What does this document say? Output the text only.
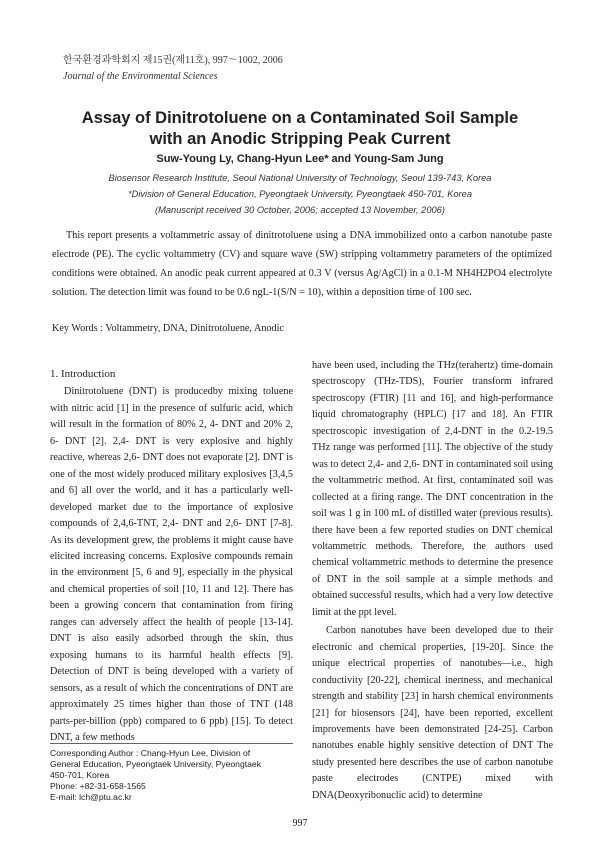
한국환경과학회지 제15권(제11호), 997～1002, 2006
Journal of the Environmental Sciences
Assay of Dinitrotoluene on a Contaminated Soil Sample
with an Anodic Stripping Peak Current
Suw-Young Ly, Chang-Hyun Lee* and Young-Sam Jung
Biosensor Research Institute, Seoul National University of Technology, Seoul 139-743, Korea
*Division of General Education, Pyeongtaek University, Pyeongtaek 450-701, Korea
(Manuscript received 30 October, 2006; accepted 13 November, 2006)
This report presents a voltammetric assay of dinitrotoluene using a DNA immobilized onto a carbon nanotube paste electrode (PE). The cyclic voltammetry (CV) and square wave (SW) stripping voltammetry parameters of the optimized conditions were obtained. An anodic peak current appeared at 0.3 V (versus Ag/AgCl) in a 0.1-M NH4H2PO4 electrolyte solution. The detection limit was found to be 0.6 ngL-1(S/N = 10), within a deposition time of 100 sec.
Key Words : Voltammetry, DNA, Dinitrotoluene, Anodic
1. Introduction

Dinitrotoluene (DNT) is producedby mixing toluene with nitric acid [1] in the presence of sulfuric acid, which will result in the formation of 80% 2, 4- DNT and 20% 2, 6- DNT [2]. 2,4- DNT is very explosive and highly reactive, whereas 2,6- DNT does not evaporate [2]. DNT is one of the most widely produced military explosives [3,4,5 and 6] all over the world, and it has a particularly well-developed market due to the importance of explosive compounds of 2,4,6-TNT, 2,4- DNT and 2,6- DNT [7-8]. As its development grew, the problems it might cause have elicited increasing concerns. Explosive compounds remain in the environment [5, 6 and 9], especially in the physical and chemical properties of soil [10, 11 and 12]. There has been a growing concern that contamination from firing ranges can adversely affect the health of people [13-14]. DNT is also easily adsorbed through the skin, thus exposing humans to its harmful health effects [9]. Detection of DNT is being developed with a variety of sensors, as a result of which the concentrations of DNT are approximately 25 times higher than those of TNT (148 parts-per-billion (ppb) compared to 6 ppb) [15]. To detect DNT, a few methods

have been used, including the THz(terahertz) time-domain spectroscopy (THz-TDS), Fourier transform infrared spectroscopy (FTIR) [11 and 16], and high-performance liquid chromatography (HPLC) [17 and 18]. An FTIR spectroscopic investigation of 2,4-DNT in the 0.2-19.5 THz range was performed [11]. The objective of the study was to detect 2,4- and 2,6- DNT in contaminated soil using the voltammetric method. At first, contaminated soil was collected at a firing range. The DNT concentration in the soil was 1 g in 100 mL of distilled water (previous results). there have been a few reported studies on DNT chemical voltammetric methods. Therefore, the authors used chemical voltammetric methods to determine the presence of DNT in the soil sample at a simple methods and obtained successful results, which had a very low detective limit at the ppt level.

Carbon nanotubes have been developed due to their electronic and chemical properties, [19-20]. Since the unique electrical properties of nanotubes—i.e., high conductivity [20-22], chemical inertness, and mechanical strength and stability [23] in harsh chemical environments [21] for biosensors [24], have been reported, excellent improvements have been demonstrated [24-25]. Carbon nanotubes enable highly sensitive detection of DNT The study presented here describes the use of carbon nanotube paste electrodes (CNTPE) mixed with DNA(Deoxyribonuclic acid) to determine

Corresponding Author : Chang-Hyun Lee, Division of
General Education, Pyeongtaek University, Pyeongtaek
450-701, Korea
Phone: +82-31-658-1565
E-mail: lch@ptu.ac.kr
997
